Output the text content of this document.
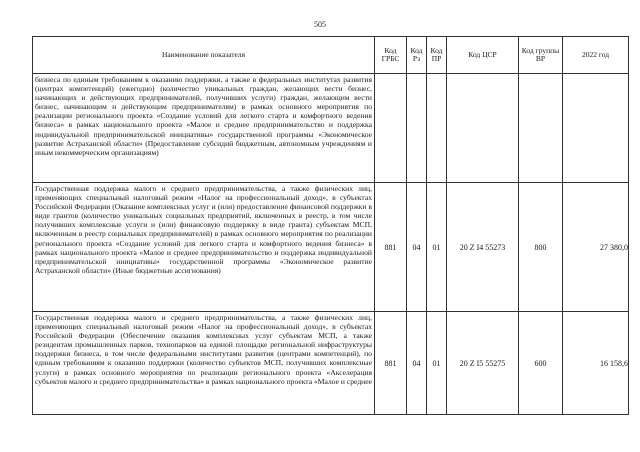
505
Наименование показателя	Код ГРБС	Код Рз	Код ПР	Код ЦСР	Код группы ВР	2022 год
бизнеса по единым требованиям к оказанию поддержки, а также в федеральных институтах развития (центрах компетенций) (ежегодно) (количество уникальных граждан, желающих вести бизнес, начинающих и действующих предпринимателей, получивших услуги) граждан, желающим вести бизнес, начинающим и действующим предпринимателям) в рамках основного мероприятия по реализации регионального проекта «Создание условий для легкого старта и комфортного ведения бизнеса» в рамках национального проекта «Малое и среднее предпринимательство и поддержка индивидуальной предпринимательской инициативы» государственной программы «Экономическое развитие Астраханской области» (Предоставление субсидий бюджетным, автономным учреждениям и иным некоммерческим организациям)						
Государственная поддержка малого и среднего предпринимательства, а также физических лиц, применяющих специальный налоговый режим «Налог на профессиональный доход», в субъектах Российской Федерации (Оказание комплексных услуг и (или) предоставление финансовой поддержки в виде грантов (количество уникальных социальных предприятий, включенных в реестр, в том числе получивших комплексные услуги и (или) финансовую поддержку в виде гранта) субъектам МСП, включенным в реестр социальных предпринимателей) в рамках основного мероприятия по реализации регионального проекта «Создание условий для легкого старта и комфортного ведения бизнеса» в рамках национального проекта «Малое и среднее предпринимательство и поддержка индивидуальной предпринимательской инициативы» государственной программы «Экономическое развитие Астраханской области» (Иные бюджетные ассигнования)	881	04	01	20 Z I4 55273	800	27 380,0
Государственная поддержка малого и среднего предпринимательства, а также физических лиц, применяющих специальный налоговый режим «Налог на профессиональный доход», в субъектах Российской Федерации (Обеспечение оказания комплексных услуг субъектам МСП, а также резидентам промышленных парков, технопарков на единой площадке региональной инфраструктуры поддержки бизнеса, в том числе федеральными институтами развития (центрами компетенций), по единым требованиям к оказанию поддержки (количество субъектов МСП, получивших комплексные услуги) в рамках основного мероприятия по реализации регионального проекта «Акселерация субъектов малого и среднего предпринимательства» в рамках национального проекта «Малое и среднее	881	04	01	20 Z I5 55275	600	16 158,6
